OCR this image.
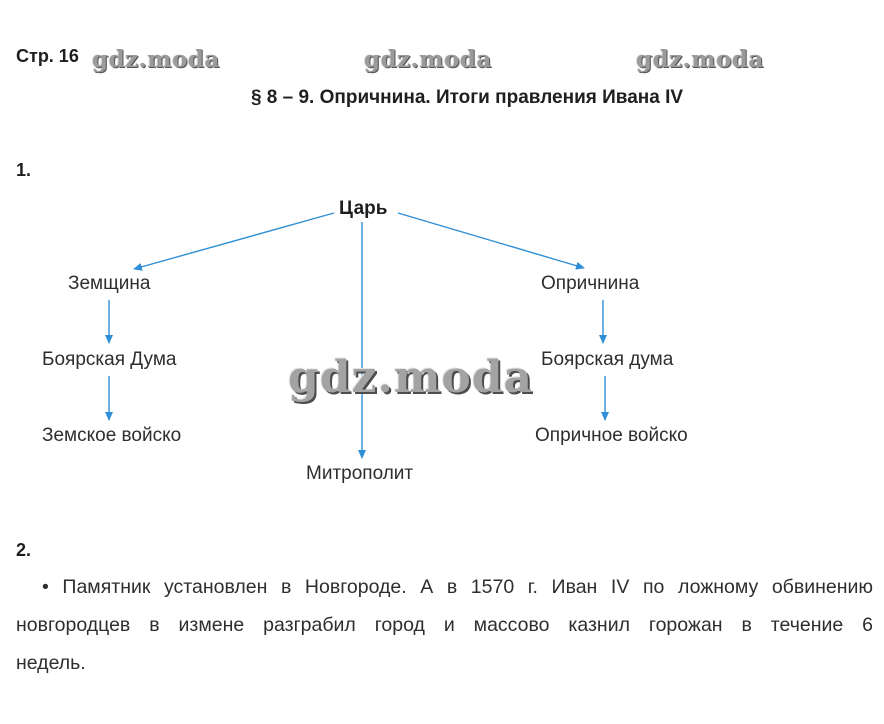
Стр. 16 gdz.moda	gdz.moda	gdz.moda
§ 8 – 9. Опричнина. Итоги правления Ивана IV
1.
Царь
Земщина
Боярская Дума
Земское войско
Опричнина
Боярская дума
Опричное войско
Митрополит
gdz.moda
2.
• Памятник установлен в Новгороде. А в 1570 г. Иван IV по ложному обвинению
новгородцев в измене разграбил город и массово казнил горожан в течение 6
недель.
